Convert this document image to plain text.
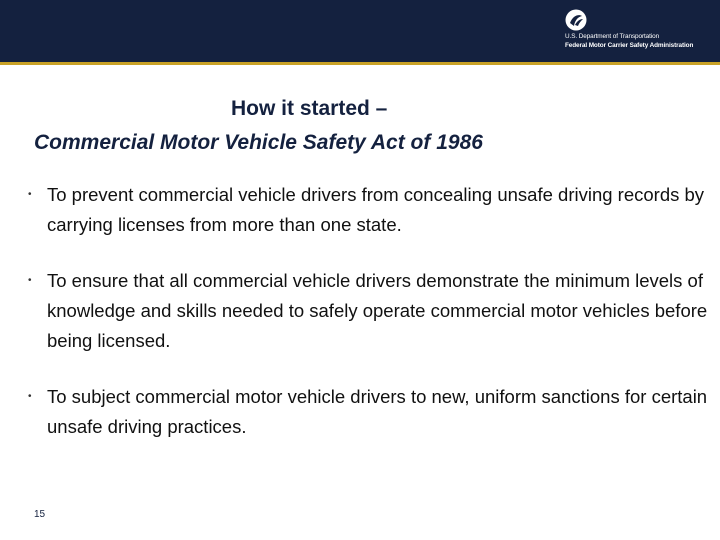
U.S. Department of Transportation
Federal Motor Carrier Safety Administration
How it started –
Commercial Motor Vehicle Safety Act of 1986
• To prevent commercial vehicle drivers from concealing unsafe driving records by carrying licenses from more than one state.
• To ensure that all commercial vehicle drivers demonstrate the minimum levels of knowledge and skills needed to safely operate commercial motor vehicles before being licensed.
• To subject commercial motor vehicle drivers to new, uniform sanctions for certain unsafe driving practices.
15
